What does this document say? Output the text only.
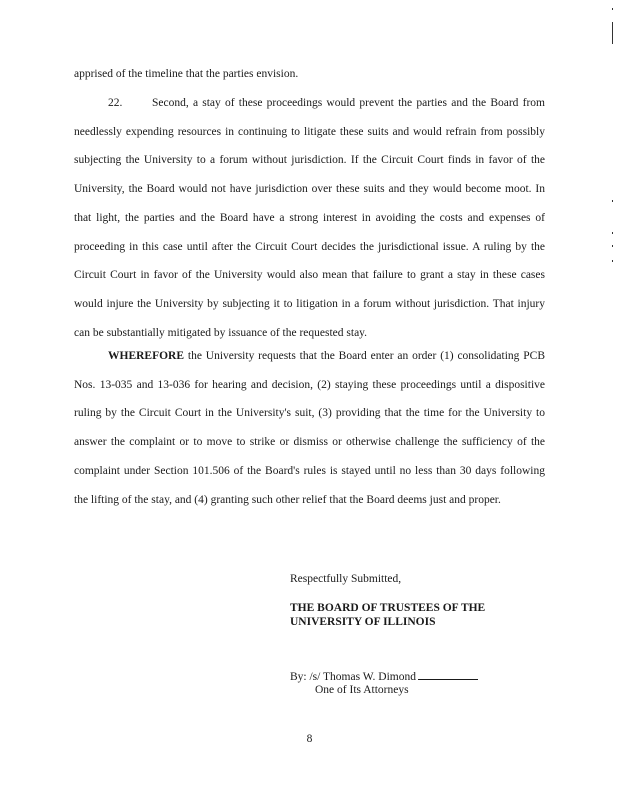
apprised of the timeline that the parties envision.
22.	Second, a stay of these proceedings would prevent the parties and the Board from needlessly expending resources in continuing to litigate these suits and would refrain from possibly subjecting the University to a forum without jurisdiction. If the Circuit Court finds in favor of the University, the Board would not have jurisdiction over these suits and they would become moot. In that light, the parties and the Board have a strong interest in avoiding the costs and expenses of proceeding in this case until after the Circuit Court decides the jurisdictional issue. A ruling by the Circuit Court in favor of the University would also mean that failure to grant a stay in these cases would injure the University by subjecting it to litigation in a forum without jurisdiction. That injury can be substantially mitigated by issuance of the requested stay.
WHEREFORE the University requests that the Board enter an order (1) consolidating PCB Nos. 13-035 and 13-036 for hearing and decision, (2) staying these proceedings until a dispositive ruling by the Circuit Court in the University's suit, (3) providing that the time for the University to answer the complaint or to move to strike or dismiss or otherwise challenge the sufficiency of the complaint under Section 101.506 of the Board's rules is stayed until no less than 30 days following the lifting of the stay, and (4) granting such other relief that the Board deems just and proper.
Respectfully Submitted,
THE BOARD OF TRUSTEES OF THE UNIVERSITY OF ILLINOIS
By: /s/ Thomas W. Dimond
One of Its Attorneys
8
